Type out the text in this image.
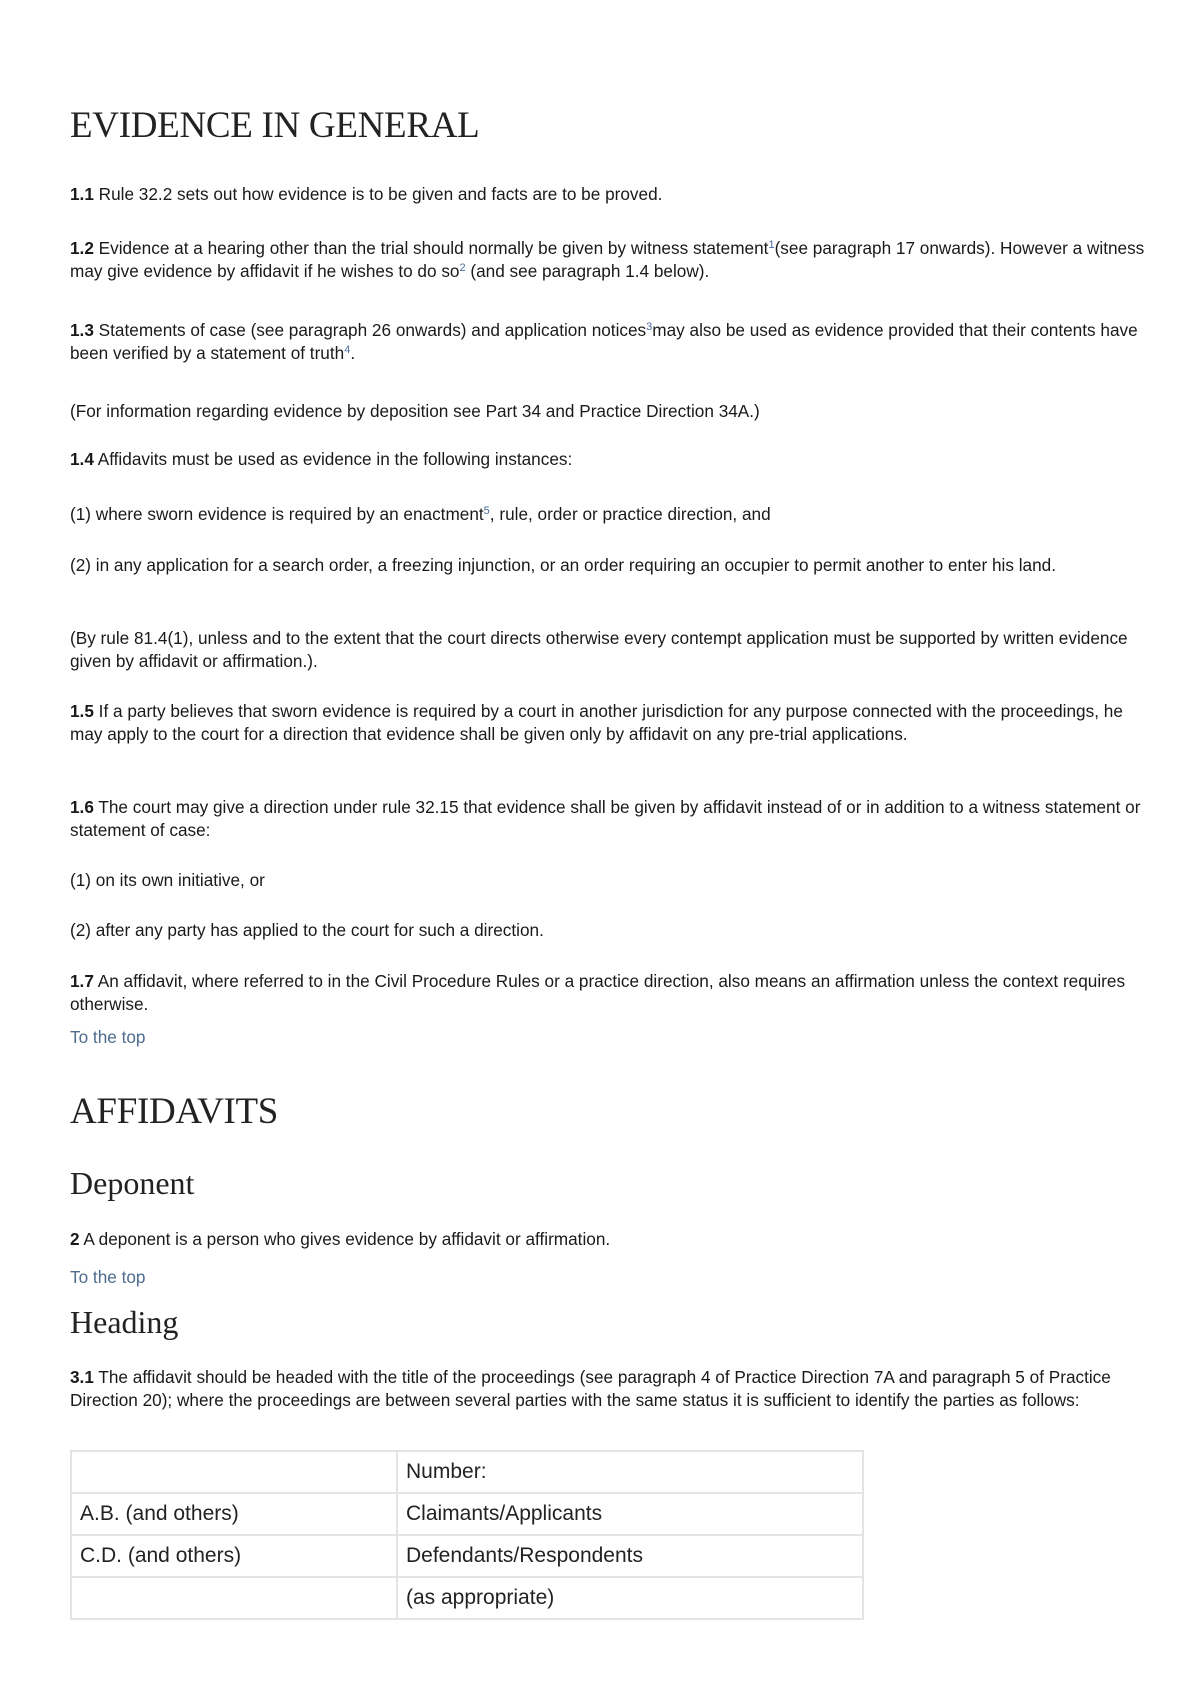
EVIDENCE IN GENERAL

1.1 Rule 32.2 sets out how evidence is to be given and facts are to be proved.

1.2 Evidence at a hearing other than the trial should normally be given by witness statement$^1$(see paragraph 17 onwards). However a witness may give evidence by affidavit if he wishes to do so$^2$ (and see paragraph 1.4 below).

1.3 Statements of case (see paragraph 26 onwards) and application notices$^3$may also be used as evidence provided that their contents have been verified by a statement of truth$^4$.

(For information regarding evidence by deposition see Part 34 and Practice Direction 34A.)

1.4 Affidavits must be used as evidence in the following instances:

(1) where sworn evidence is required by an enactment$^5$, rule, order or practice direction, and

(2) in any application for a search order, a freezing injunction, or an order requiring an occupier to permit another to enter his land.

(By rule 81.4(1), unless and to the extent that the court directs otherwise every contempt application must be supported by written evidence given by affidavit or affirmation.).

1.5 If a party believes that sworn evidence is required by a court in another jurisdiction for any purpose connected with the proceedings, he may apply to the court for a direction that evidence shall be given only by affidavit on any pre-trial applications.

1.6 The court may give a direction under rule 32.15 that evidence shall be given by affidavit instead of or in addition to a witness statement or statement of case:

(1) on its own initiative, or

(2) after any party has applied to the court for such a direction.

1.7 An affidavit, where referred to in the Civil Procedure Rules or a practice direction, also means an affirmation unless the context requires otherwise.

To the top
AFFIDAVITS
Deponent

2 A deponent is a person who gives evidence by affidavit or affirmation.

To the top
Heading

3.1 The affidavit should be headed with the title of the proceedings (see paragraph 4 of Practice Direction 7A and paragraph 5 of Practice Direction 20); where the proceedings are between several parties with the same status it is sufficient to identify the parties as follows:

	Number:
A.B. (and others)	Claimants/Applicants
C.D. (and others)	Defendants/Respondents
	(as appropriate)
